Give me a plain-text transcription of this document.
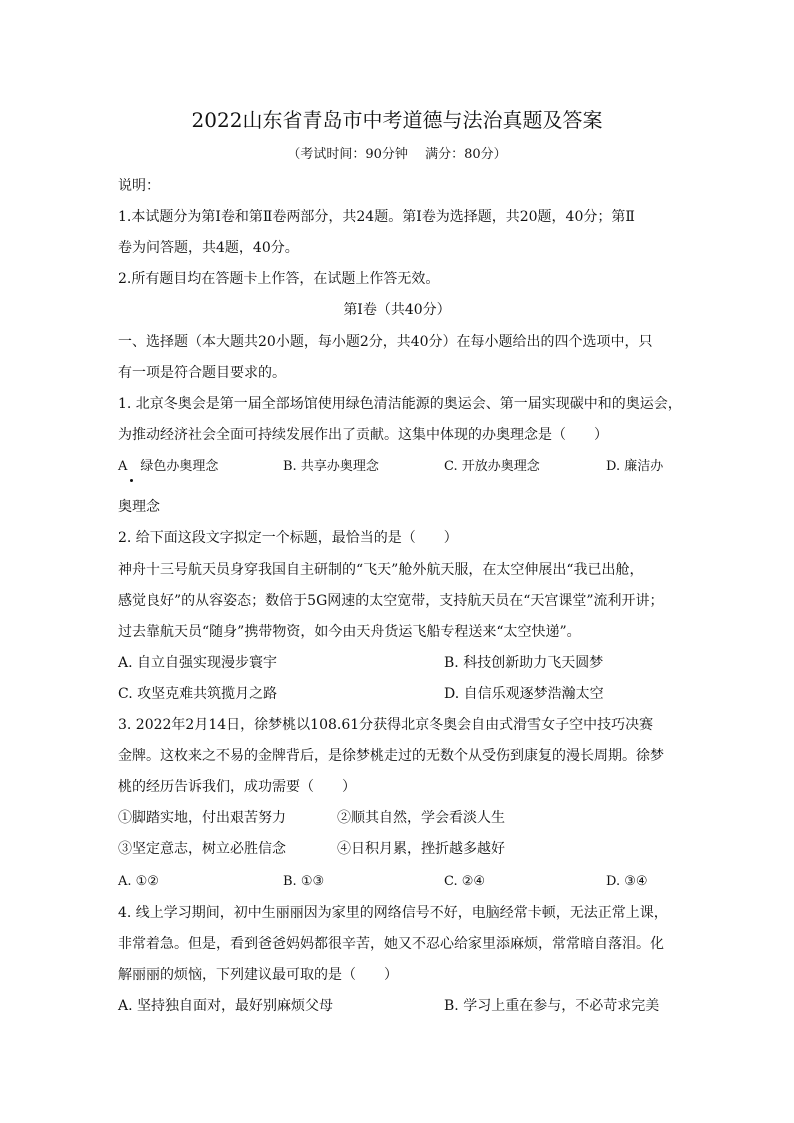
2022山东省青岛市中考道德与法治真题及答案
（考试时间：90分钟　 满分：80分）
说明：
1.本试题分为第Ⅰ卷和第Ⅱ卷两部分，共24题。第Ⅰ卷为选择题，共20题，40分；第Ⅱ
卷为问答题，共4题，40分。
2.所有题目均在答题卡上作答，在试题上作答无效。
第Ⅰ卷（共40分）
一、选择题（本大题共20小题，每小题2分，共40分）在每小题给出的四个选项中，只
有一项是符合题目要求的。
1. 北京冬奥会是第一届全部场馆使用绿色清洁能源的奥运会、第一届实现碳中和的奥运会，
为推动经济社会全面可持续发展作出了贡献。这集中体现的办奥理念是（　　）
A　绿色办奥理念	B. 共享办奥理念	C. 开放办奥理念	D. 廉洁办
奥理念
2. 给下面这段文字拟定一个标题，最恰当的是（　　）
神舟十三号航天员身穿我国自主研制的“飞天”舱外航天服，在太空伸展出“我已出舱，
感觉良好”的从容姿态；数倍于5G网速的太空宽带，支持航天员在“天宫课堂”流利开讲；
过去靠航天员“随身”携带物资，如今由天舟货运飞船专程送来“太空快递”。
A. 自立自强实现漫步寰宇	B. 科技创新助力飞天圆梦
C. 攻坚克难共筑揽月之路	D. 自信乐观逐梦浩瀚太空
3. 2022年2月14日，徐梦桃以108.61分获得北京冬奥会自由式滑雪女子空中技巧决赛
金牌。这枚来之不易的金牌背后，是徐梦桃走过的无数个从受伤到康复的漫长周期。徐梦
桃的经历告诉我们，成功需要（　　）
①脚踏实地，付出艰苦努力	②顺其自然，学会看淡人生
③坚定意志，树立必胜信念	④日积月累，挫折越多越好
A. ①②	B. ①③	C. ②④	D. ③④
4. 线上学习期间，初中生丽丽因为家里的网络信号不好，电脑经常卡顿，无法正常上课，
非常着急。但是，看到爸爸妈妈都很辛苦，她又不忍心给家里添麻烦，常常暗自落泪。化
解丽丽的烦恼，下列建议最可取的是（　　）
A. 坚持独自面对，最好别麻烦父母	B. 学习上重在参与，不必苛求完美
